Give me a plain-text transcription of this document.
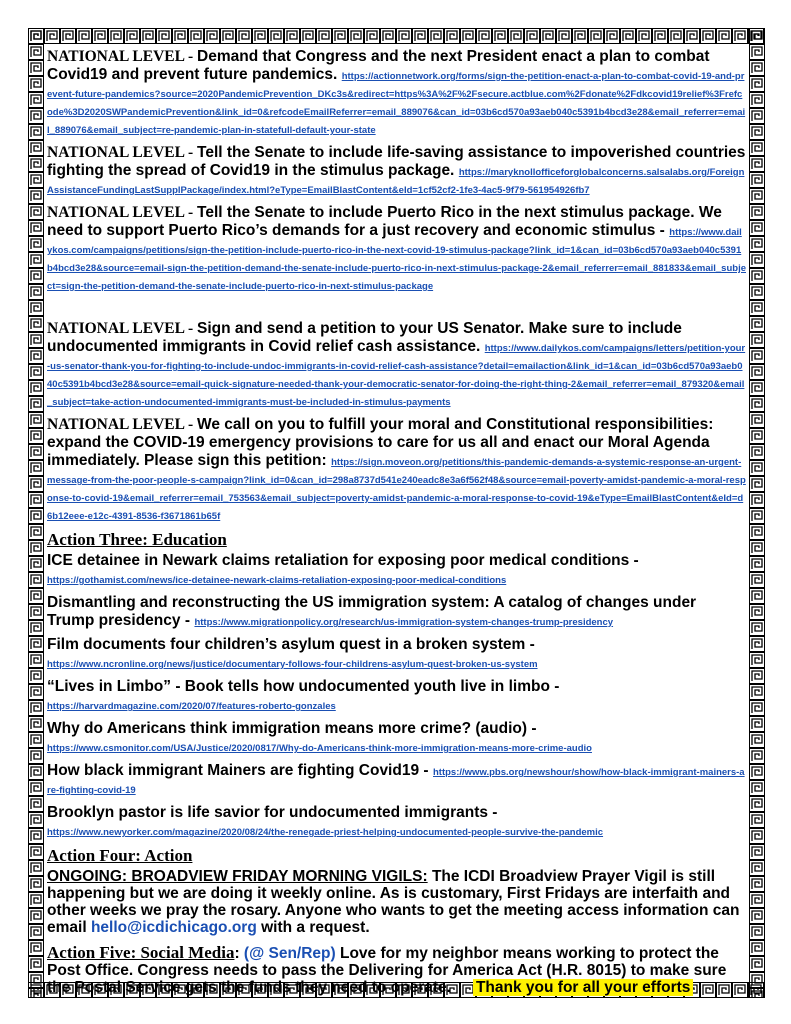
NATIONAL LEVEL - Demand that Congress and the next President enact a plan to combat Covid19 and prevent future pandemics. https://actionnetwork.org/forms/sign-the-petition-enact-a-plan-to-combat-covid-19-and-prevent-future-pandemics?source=2020PandemicPrevention_DKc3s&redirect=https%3A%2F%2Fsecure.actblue.com%2Fdonate%2Fdkcovid19relief%3Frefcode%3D2020SWPandemicPrevention&link_id=0&refcodeEmailReferrer=email_889076&can_id=03b6cd570a93aeb040c5391b4bcd3e28&email_referrer=email_889076&email_subject=re-pandemic-plan-in-statefull-default-your-state
NATIONAL LEVEL - Tell the Senate to include life-saving assistance to impoverished countries fighting the spread of Covid19 in the stimulus package. https://maryknollofficeforglobalconcerns.salsalabs.org/ForeignAssistanceFundingLastSupplPackage/index.html?eType=EmailBlastContent&eId=1cf52cf2-1fe3-4ac5-9f79-561954926fb7
NATIONAL LEVEL - Tell the Senate to include Puerto Rico in the next stimulus package. We need to support Puerto Rico’s demands for a just recovery and economic stimulus - https://www.dailykos.com/campaigns/petitions/sign-the-petition-include-puerto-rico-in-the-next-covid-19-stimulus-package?link_id=1&can_id=03b6cd570a93aeb040c5391b4bcd3e28&source=email-sign-the-petition-demand-the-senate-include-puerto-rico-in-next-stimulus-package-2&email_referrer=email_881833&email_subject=sign-the-petition-demand-the-senate-include-puerto-rico-in-next-stimulus-package
NATIONAL LEVEL - Sign and send a petition to your US Senator. Make sure to include undocumented immigrants in Covid relief cash assistance. https://www.dailykos.com/campaigns/letters/petition-your-us-senator-thank-you-for-fighting-to-include-undoc-immigrants-in-covid-relief-cash-assistance?detail=emailaction&link_id=1&can_id=03b6cd570a93aeb040c5391b4bcd3e28&source=email-quick-signature-needed-thank-your-democratic-senator-for-doing-the-right-thing-2&email_referrer=email_879320&email_subject=take-action-undocumented-immigrants-must-be-included-in-stimulus-payments
NATIONAL LEVEL - We call on you to fulfill your moral and Constitutional responsibilities: expand the COVID-19 emergency provisions to care for us all and enact our Moral Agenda immediately. Please sign this petition: https://sign.moveon.org/petitions/this-pandemic-demands-a-systemic-response-an-urgent-message-from-the-poor-people-s-campaign?link_id=0&can_id=298a8737d541e240eadc8e3a6f562f48&source=email-poverty-amidst-pandemic-a-moral-response-to-covid-19&email_referrer=email_753563&email_subject=poverty-amidst-pandemic-a-moral-response-to-covid-19&eType=EmailBlastContent&eId=d6b12eee-e12c-4391-8536-f3671861b65f
Action Three: Education
ICE detainee in Newark claims retaliation for exposing poor medical conditions -
https://gothamist.com/news/ice-detainee-newark-claims-retaliation-exposing-poor-medical-conditions
Dismantling and reconstructing the US immigration system: A catalog of changes under Trump presidency - https://www.migrationpolicy.org/research/us-immigration-system-changes-trump-presidency
Film documents four children’s asylum quest in a broken system -
https://www.ncronline.org/news/justice/documentary-follows-four-childrens-asylum-quest-broken-us-system
“Lives in Limbo” - Book tells how undocumented youth live in limbo -
https://harvardmagazine.com/2020/07/features-roberto-gonzales
Why do Americans think immigration means more crime? (audio) -
https://www.csmonitor.com/USA/Justice/2020/0817/Why-do-Americans-think-more-immigration-means-more-crime-audio
How black immigrant Mainers are fighting Covid19 - https://www.pbs.org/newshour/show/how-black-immigrant-mainers-are-fighting-covid-19
Brooklyn pastor is life savior for undocumented immigrants -
https://www.newyorker.com/magazine/2020/08/24/the-renegade-priest-helping-undocumented-people-survive-the-pandemic
Action Four: Action
ONGOING: BROADVIEW FRIDAY MORNING VIGILS: The ICDI Broadview Prayer Vigil is still happening but we are doing it weekly online. As is customary, First Fridays are interfaith and other weeks we pray the rosary. Anyone who wants to get the meeting access information can email hello@icdichicago.org with a request.
Action Five: Social Media: (@ Sen/Rep) Love for my neighbor means working to protect the Post Office. Congress needs to pass the Delivering for America Act (H.R. 8015) to make sure the Postal Service gets the funds they need to operate. Thank you for all your efforts
